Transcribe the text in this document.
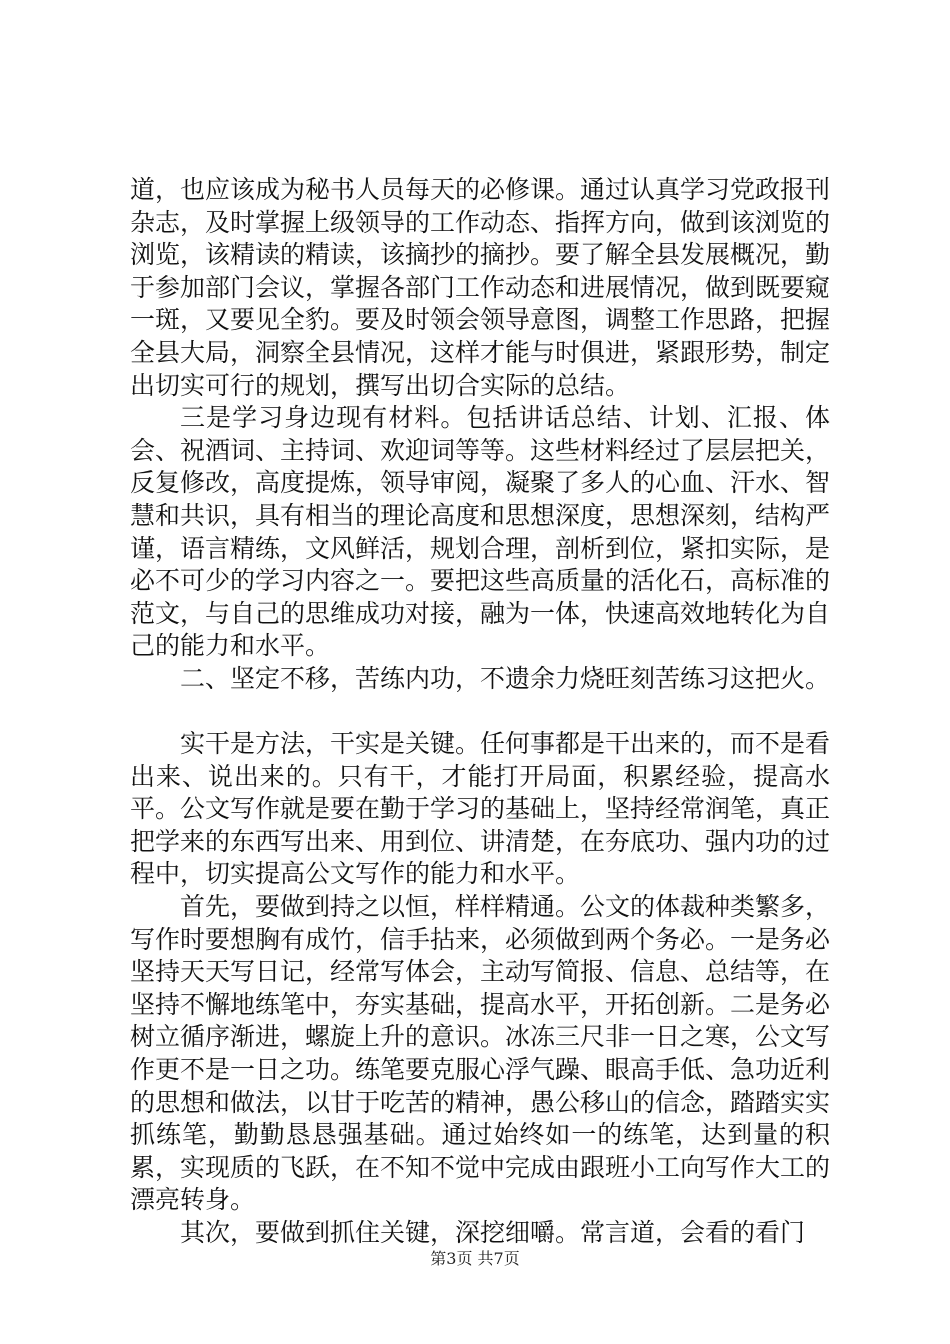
道，也应该成为秘书人员每天的必修课。通过认真学习党政报刊杂志，及时掌握上级领导的工作动态、指挥方向，做到该浏览的浏览，该精读的精读，该摘抄的摘抄。要了解全县发展概况，勤于参加部门会议，掌握各部门工作动态和进展情况，做到既要窥一斑，又要见全豹。要及时领会领导意图，调整工作思路，把握全县大局，洞察全县情况，这样才能与时俱进，紧跟形势，制定出切实可行的规划，撰写出切合实际的总结。

三是学习身边现有材料。包括讲话总结、计划、汇报、体会、祝酒词、主持词、欢迎词等等。这些材料经过了层层把关，反复修改，高度提炼，领导审阅，凝聚了多人的心血、汗水、智慧和共识，具有相当的理论高度和思想深度，思想深刻，结构严谨，语言精练，文风鲜活，规划合理，剖析到位，紧扣实际，是必不可少的学习内容之一。要把这些高质量的活化石，高标准的范文，与自己的思维成功对接，融为一体，快速高效地转化为自己的能力和水平。

二、坚定不移，苦练内功，不遗余力烧旺刻苦练习这把火。

实干是方法，干实是关键。任何事都是干出来的，而不是看出来、说出来的。只有干，才能打开局面，积累经验，提高水平。公文写作就是要在勤于学习的基础上，坚持经常润笔，真正把学来的东西写出来、用到位、讲清楚，在夯底功、强内功的过程中，切实提高公文写作的能力和水平。

首先，要做到持之以恒，样样精通。公文的体裁种类繁多，写作时要想胸有成竹，信手拈来，必须做到两个务必。一是务必坚持天天写日记，经常写体会，主动写简报、信息、总结等，在坚持不懈地练笔中，夯实基础，提高水平，开拓创新。二是务必树立循序渐进，螺旋上升的意识。冰冻三尺非一日之寒，公文写作更不是一日之功。练笔要克服心浮气躁、眼高手低、急功近利的思想和做法，以甘于吃苦的精神，愚公移山的信念，踏踏实实抓练笔，勤勤恳恳强基础。通过始终如一的练笔，达到量的积累，实现质的飞跃，在不知不觉中完成由跟班小工向写作大工的漂亮转身。

其次，要做到抓住关键，深挖细嚼。常言道，会看的看门

第3页 共7页
